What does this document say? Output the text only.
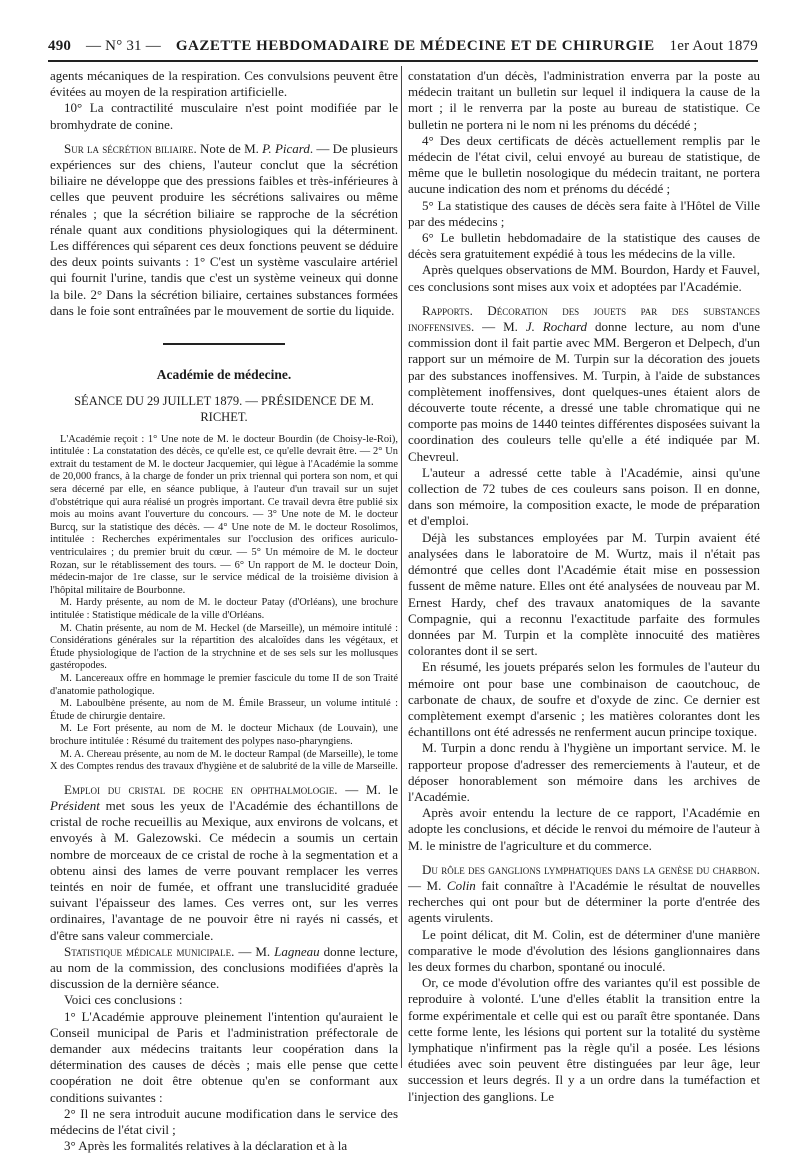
490 — N° 31 — GAZETTE HEBDOMADAIRE DE MÉDECINE ET DE CHIRURGIE 1er Aout 1879

agents mécaniques de la respiration. Ces convulsions peuvent être évitées au moyen de la respiration artificielle.

10° La contractilité musculaire n'est point modifiée par le bromhydrate de conine.

Sur la sécrétion biliaire. Note de M. P. Picard. — De plusieurs expériences sur des chiens, l'auteur conclut que la sécrétion biliaire ne développe que des pressions faibles et très-inférieures à celles que peuvent produire les sécrétions salivaires ou même rénales ; que la sécrétion biliaire se rapproche de la sécrétion rénale quant aux conditions physiologiques qui la déterminent. Les différences qui séparent ces deux fonctions peuvent se déduire des deux points suivants : 1° C'est un système vasculaire artériel qui fournit l'urine, tandis que c'est un système veineux qui donne la bile. 2° Dans la sécrétion biliaire, certaines substances formées dans le foie sont entraînées par le mouvement de sortie du liquide.

Académie de médecine.
SÉANCE DU 29 JUILLET 1879. — PRÉSIDENCE DE M. RICHET.

L'Académie reçoit : 1° Une note de M. le docteur Bourdin (de Choisy-le-Roi), intitulée : La constatation des décès, ce qu'elle est, ce qu'elle devrait être. — 2° Un extrait du testament de M. le docteur Jacquemier, qui lègue à l'Académie la somme de 20,000 francs, à la charge de fonder un prix triennal qui portera son nom, et qui sera décerné par elle, en séance publique, à l'auteur d'un travail sur un sujet d'obstétrique qui aura réalisé un progrès important. Ce travail devra être publié six mois au moins avant l'ouverture du concours. — 3° Une note de M. le docteur Burcq, sur la statistique des décès. — 4° Une note de M. le docteur Rosolimos, intitulée : Recherches expérimentales sur l'occlusion des orifices auriculo-ventriculaires ; du premier bruit du cœur. — 5° Un mémoire de M. le docteur Rozan, sur le rétablissement des tours. — 6° Un rapport de M. le docteur Doin, médecin-major de 1re classe, sur le service médical de la troisième division à l'hôpital militaire de Bourbonne.

M. Hardy présente, au nom de M. le docteur Patay (d'Orléans), une brochure intitulée : Statistique médicale de la ville d'Orléans.

M. Chatin présente, au nom de M. Heckel (de Marseille), un mémoire intitulé : Considérations générales sur la répartition des alcaloïdes dans les végétaux, et Étude physiologique de l'action de la strychnine et de ses sels sur les mollusques gastéropodes.

M. Lancereaux offre en hommage le premier fascicule du tome II de son Traité d'anatomie pathologique.

M. Laboulbène présente, au nom de M. Émile Brasseur, un volume intitulé : Étude de chirurgie dentaire.

M. Le Fort présente, au nom de M. le docteur Michaux (de Louvain), une brochure intitulée : Résumé du traitement des polypes naso-pharyngiens.

M. A. Chereau présente, au nom de M. le docteur Rampal (de Marseille), le tome X des Comptes rendus des travaux d'hygiène et de salubrité de la ville de Marseille.

Emploi du cristal de roche en ophthalmologie. — M. le Président met sous les yeux de l'Académie des échantillons de cristal de roche recueillis au Mexique, aux environs de volcans, et envoyés à M. Galezowski. Ce médecin a soumis un certain nombre de morceaux de ce cristal de roche à la segmentation et a obtenu ainsi des lames de verre pouvant remplacer les verres teintés en noir de fumée, et offrant une translucidité graduée suivant l'épaisseur des lames. Ces verres ont, sur les verres ordinaires, l'avantage de ne pouvoir être ni rayés ni cassés, et d'être sans valeur commerciale.

Statistique médicale municipale. — M. Lagneau donne lecture, au nom de la commission, des conclusions modifiées d'après la discussion de la dernière séance.

Voici ces conclusions :

1° L'Académie approuve pleinement l'intention qu'auraient le Conseil municipal de Paris et l'administration préfectorale de demander aux médecins traitants leur coopération dans la détermination des causes de décès ; mais elle pense que cette coopération ne doit être obtenue qu'en se conformant aux conditions suivantes :

2° Il ne sera introduit aucune modification dans le service des médecins de l'état civil ;

3° Après les formalités relatives à la déclaration et à la

constatation d'un décès, l'administration enverra par la poste au médecin traitant un bulletin sur lequel il indiquera la cause de la mort ; il le renverra par la poste au bureau de statistique. Ce bulletin ne portera ni le nom ni les prénoms du décédé ;

4° Des deux certificats de décès actuellement remplis par le médecin de l'état civil, celui envoyé au bureau de statistique, de même que le bulletin nosologique du médecin traitant, ne portera aucune indication des nom et prénoms du décédé ;

5° La statistique des causes de décès sera faite à l'Hôtel de Ville par des médecins ;

6° Le bulletin hebdomadaire de la statistique des causes de décès sera gratuitement expédié à tous les médecins de la ville.

Après quelques observations de MM. Bourdon, Hardy et Fauvel, ces conclusions sont mises aux voix et adoptées par l'Académie.

Rapports. Décoration des jouets par des substances inoffensives. — M. J. Rochard donne lecture, au nom d'une commission dont il fait partie avec MM. Bergeron et Delpech, d'un rapport sur un mémoire de M. Turpin sur la décoration des jouets par des substances inoffensives. M. Turpin, à l'aide de substances complètement inoffensives, dont quelques-unes étaient alors de découverte toute récente, a dressé une table chromatique qui ne comporte pas moins de 1440 teintes différentes disposées suivant la coordination des couleurs telle qu'elle a été indiquée par M. Chevreul.

L'auteur a adressé cette table à l'Académie, ainsi qu'une collection de 72 tubes de ces couleurs sans poison. Il en donne, dans son mémoire, la composition exacte, le mode de préparation et d'emploi.

Déjà les substances employées par M. Turpin avaient été analysées dans le laboratoire de M. Wurtz, mais il n'était pas démontré que celles dont l'Académie était mise en possession fussent de même nature. Elles ont été analysées de nouveau par M. Ernest Hardy, chef des travaux anatomiques de la savante Compagnie, qui a reconnu l'exactitude parfaite des formules données par M. Turpin et la complète innocuité des matières colorantes dont il se sert.

En résumé, les jouets préparés selon les formules de l'auteur du mémoire ont pour base une combinaison de caoutchouc, de carbonate de chaux, de soufre et d'oxyde de zinc. Ce dernier est complètement exempt d'arsenic ; les matières colorantes dont les échantillons ont été adressés ne renferment aucun principe toxique.

M. Turpin a donc rendu à l'hygiène un important service. M. le rapporteur propose d'adresser des remerciements à l'auteur, et de déposer honorablement son mémoire dans les archives de l'Académie.

Après avoir entendu la lecture de ce rapport, l'Académie en adopte les conclusions, et décide le renvoi du mémoire de l'auteur à M. le ministre de l'agriculture et du commerce.

Du rôle des ganglions lymphatiques dans la genèse du charbon. — M. Colin fait connaître à l'Académie le résultat de nouvelles recherches qui ont pour but de déterminer la porte d'entrée des agents virulents.

Le point délicat, dit M. Colin, est de déterminer d'une manière comparative le mode d'évolution des lésions ganglionnaires dans les deux formes du charbon, spontané ou inoculé.

Or, ce mode d'évolution offre des variantes qu'il est possible de reproduire à volonté. L'une d'elles établit la transition entre la forme expérimentale et celle qui est ou paraît être spontanée. Dans cette forme lente, les lésions qui portent sur la totalité du système lymphatique n'infirment pas la règle qu'il a posée. Les lésions étudiées avec soin peuvent être distinguées par leur âge, leur succession et leurs degrés. Il y a un ordre dans la tuméfaction et l'injection des ganglions. Le
